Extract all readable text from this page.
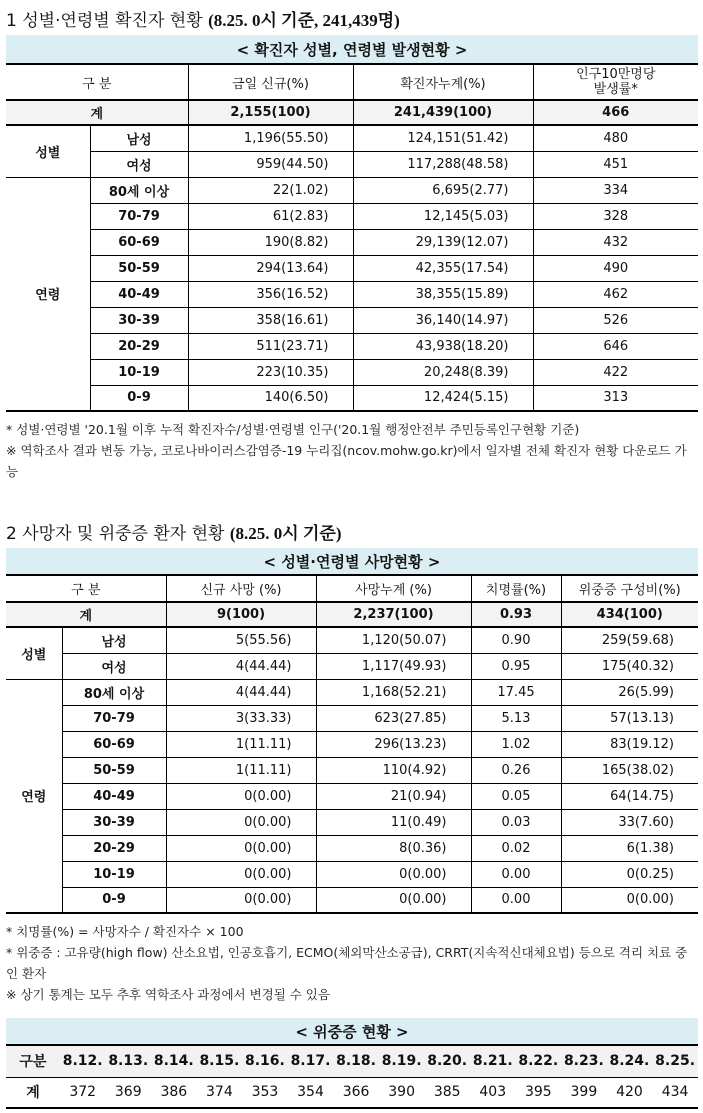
1 성별·연령별 확진자 현황 (8.25. 0시 기준, 241,439명)
< 확진자 성별, 연령별 발생현황 >				
구 분		금일 신규(%)	확진자누계(%)	인구10만명당
발생률*

계		2,155(100)	241,439(100)	466
성별	남성	1,196(55.50)	124,151(51.42)	480
	여성	959(44.50)	117,288(48.58)	451
연령	80세 이상	22(1.02)	6,695(2.77)	334
	70-79	61(2.83)	12,145(5.03)	328
	60-69	190(8.82)	29,139(12.07)	432
	50-59	294(13.64)	42,355(17.54)	490
	40-49	356(16.52)	38,355(15.89)	462
	30-39	358(16.61)	36,140(14.97)	526
	20-29	511(23.71)	43,938(18.20)	646
	10-19	223(10.35)	20,248(8.39)	422
	0-9	140(6.50)	12,424(5.15)	313
* 성별·연령별 '20.1월 이후 누적 확진자수/성별·연령별 인구('20.1월 행정안전부 주민등록인구현황 기준)
※ 역학조사 결과 변동 가능, 코로나바이러스감염증-19 누리집(ncov.mohw.go.kr)에서 일자별 전체 확진자 현황 다운로드 가능
2 사망자 및 위중증 환자 현황 (8.25. 0시 기준)
< 성별·연령별 사망현황 >					
구 분		신규 사망 (%)	사망누계 (%)	치명률(%)	위중증 구성비(%)
계		9(100)	2,237(100)	0.93	434(100)
성별	남성	5(55.56)	1,120(50.07)	0.90	259(59.68)
	여성	4(44.44)	1,117(49.93)	0.95	175(40.32)
연령	80세 이상	4(44.44)	1,168(52.21)	17.45	26(5.99)
	70-79	3(33.33)	623(27.85)	5.13	57(13.13)
	60-69	1(11.11)	296(13.23)	1.02	83(19.12)
	50-59	1(11.11)	110(4.92)	0.26	165(38.02)
	40-49	0(0.00)	21(0.94)	0.05	64(14.75)
	30-39	0(0.00)	11(0.49)	0.03	33(7.60)
	20-29	0(0.00)	8(0.36)	0.02	6(1.38)
	10-19	0(0.00)	0(0.00)	0.00	0(0.25)
	0-9	0(0.00)	0(0.00)	0.00	0(0.00)
* 치명률(%) = 사망자수 / 확진자수 × 100
* 위중증 : 고유량(high flow) 산소요법, 인공호흡기, ECMO(체외막산소공급), CRRT(지속적신대체요법) 등으로 격리 치료 중인 환자
※ 상기 통계는 모두 추후 역학조사 과정에서 변경될 수 있음
< 위중증 현황 >														
구분	8.12.	8.13.	8.14.	8.15.	8.16.	8.17.	8.18.	8.19.	8.20.	8.21.	8.22.	8.23.	8.24.	8.25.
계	372	369	386	374	353	354	366	390	385	403	395	399	420	434
